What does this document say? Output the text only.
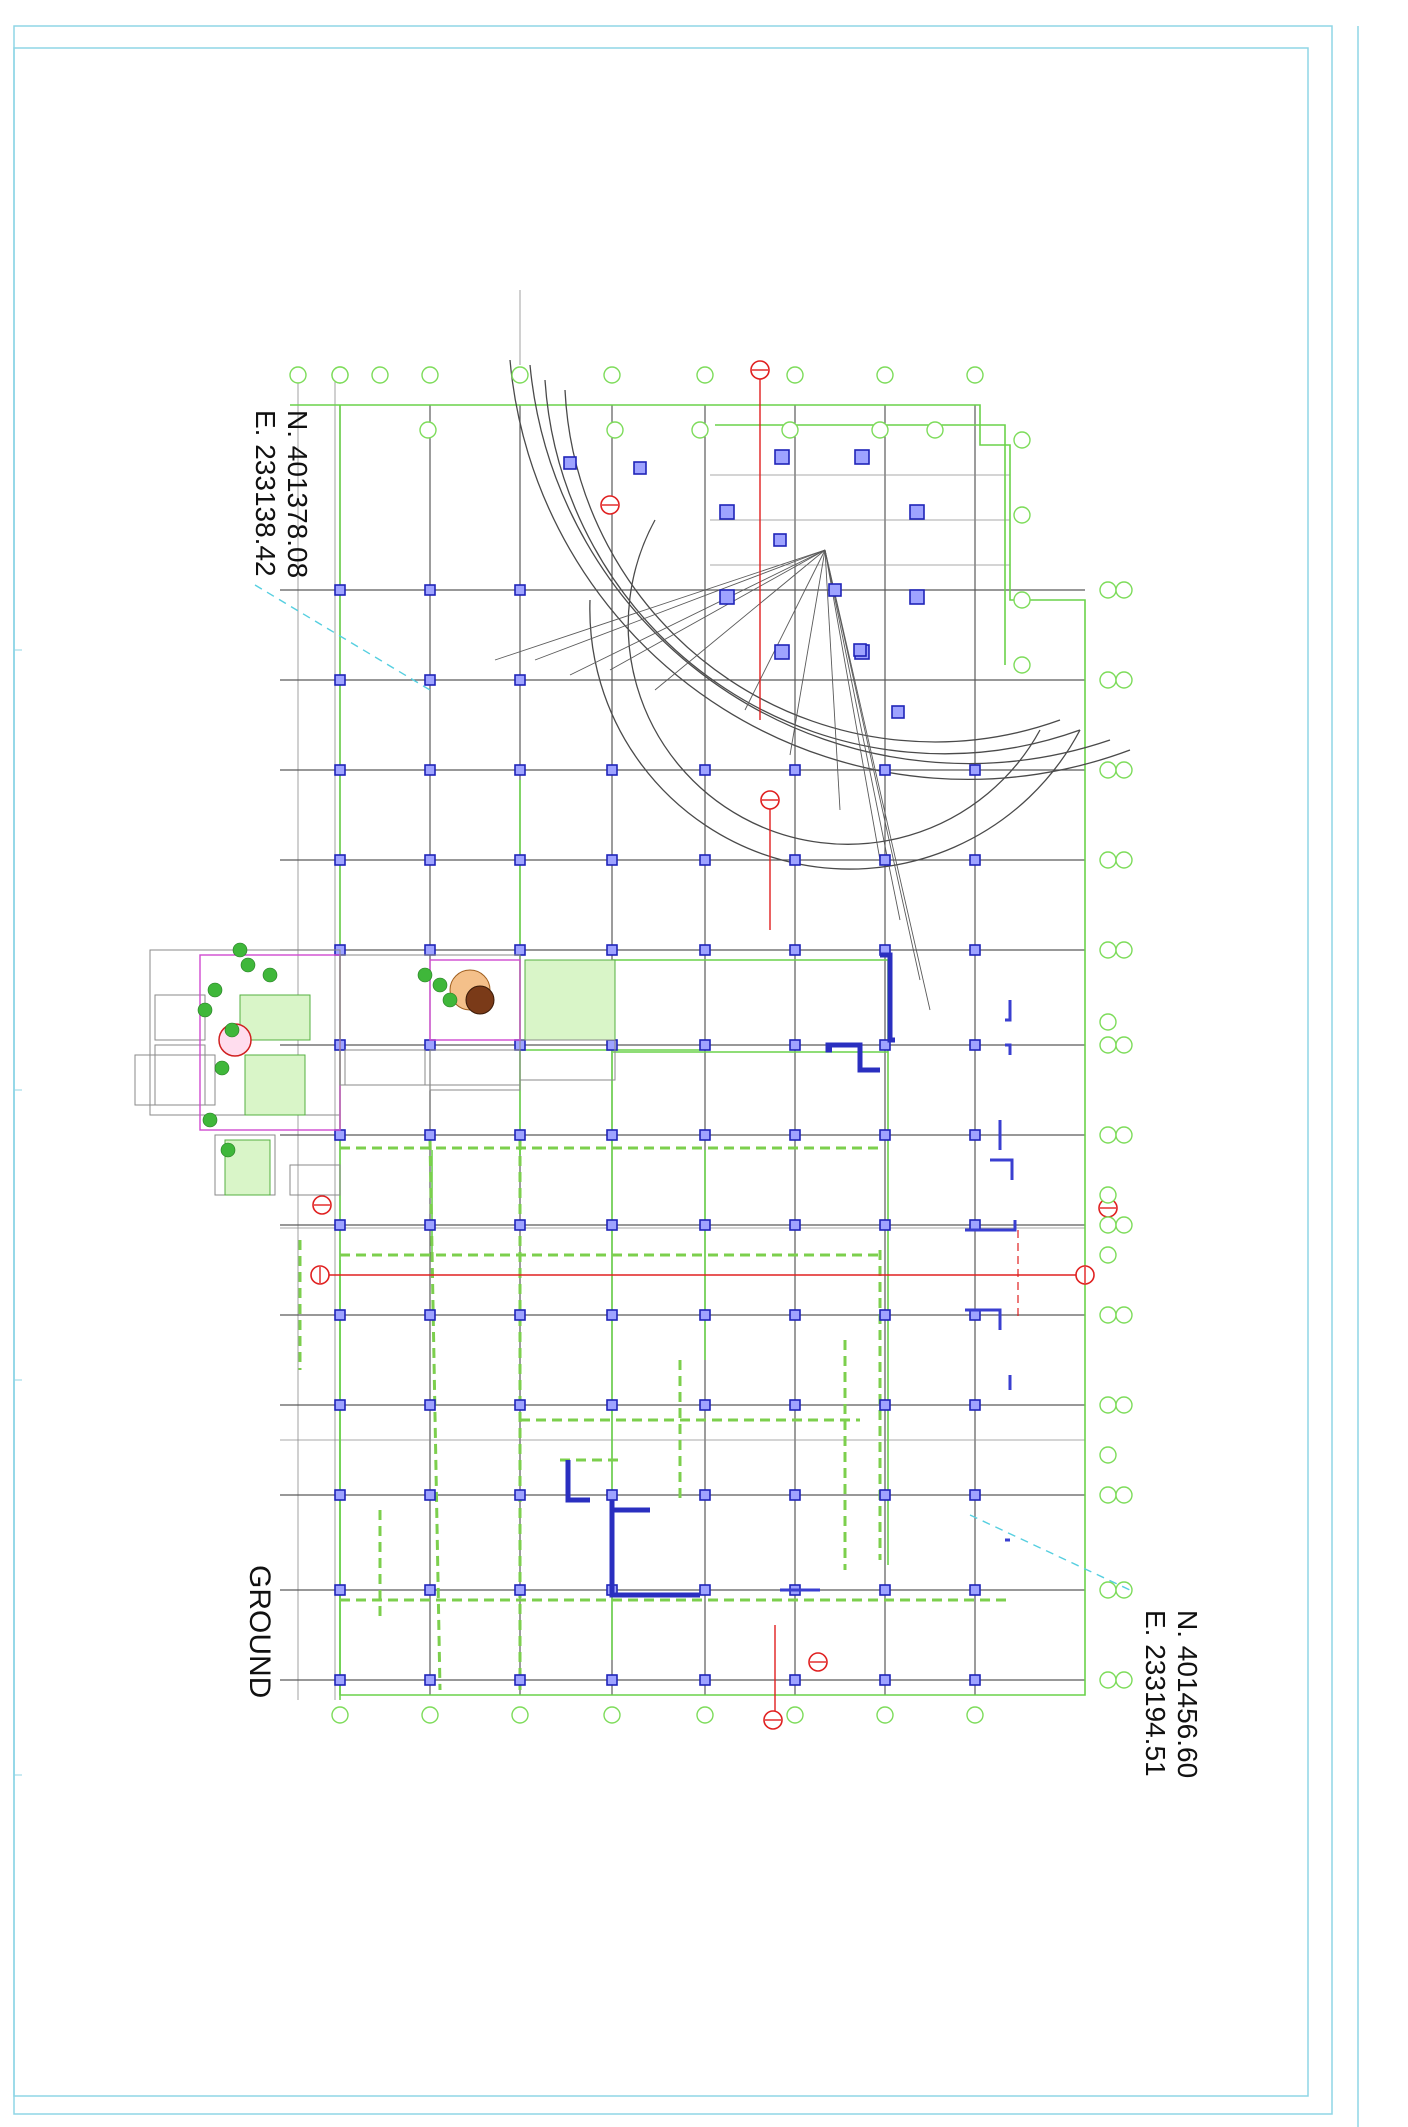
N. 401378.08
E. 233138.42
N. 401456.60
E. 233194.51
GROUND
